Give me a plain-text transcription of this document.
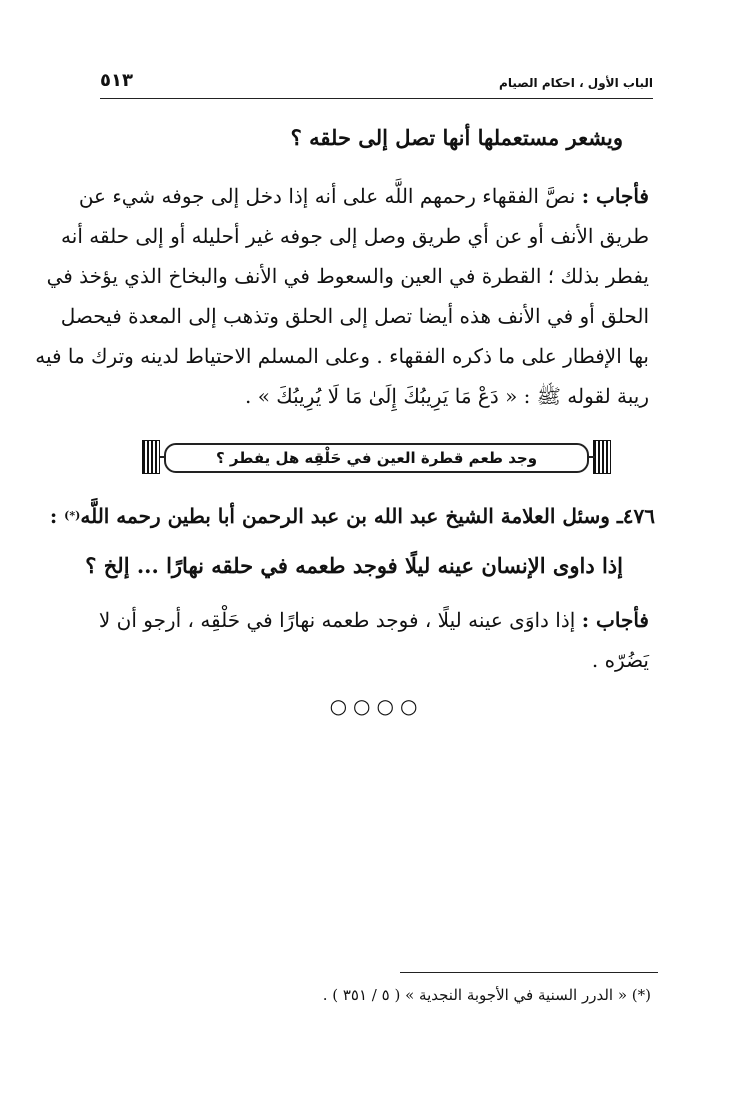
الباب الأول ، احكام الصيام
٥١٣
ويشعر مستعملها أنها تصل إلى حلقه ؟
فأجاب : نصَّ الفقهاء رحمهم اللَّه على أنه إذا دخل إلى جوفه شيء عن
طريق الأنف أو عن أي طريق وصل إلى جوفه غير أحليله أو إلى حلقه أنه
يفطر بذلك ؛ القطرة في العين والسعوط في الأنف والبخاخ الذي يؤخذ في
الحلق أو في الأنف هذه أيضا تصل إلى الحلق وتذهب إلى المعدة فيحصل
بها الإفطار على ما ذكره الفقهاء . وعلى المسلم الاحتياط لدينه وترك ما فيه
ريبة لقوله ﷺ : « دَعْ مَا يَرِيبُكَ إِلَىٰ مَا لَا يُرِيبُكَ » .
وجد طعم قطرة العين في حَلْقِه هل يفطر ؟
٤٧٦ـ وسئل العلامة الشيخ عبد الله بن عبد الرحمن أبا بطين رحمه اللَّه(*) :
إذا داوى الإنسان عينه ليلًا فوجد طعمه في حلقه نهارًا ... إلخ ؟
فأجاب : إذا داوَى عينه ليلًا ، فوجد طعمه نهارًا في حَلْقِه ، أرجو أن لا
يَضُرّه .
○○○○
(*) « الدرر السنية في الأجوبة النجدية » ( ٥ / ٣٥١ ) .
